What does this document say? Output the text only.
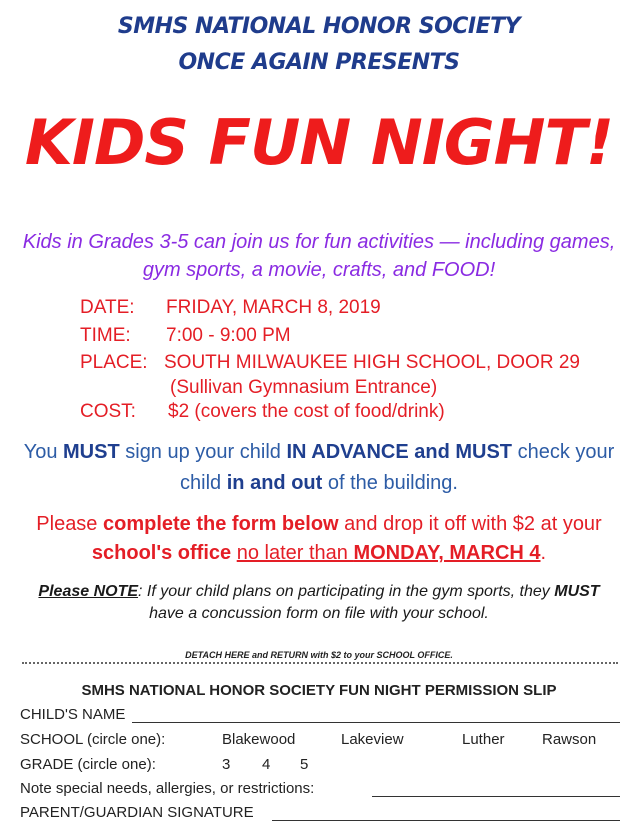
SMHS NATIONAL HONOR SOCIETY
ONCE AGAIN PRESENTS
KIDS FUN NIGHT!
Kids in Grades 3-5 can join us for fun activities — including games, gym sports, a movie, crafts, and FOOD!
DATE: FRIDAY, MARCH 8, 2019
TIME: 7:00 - 9:00 PM
PLACE: SOUTH MILWAUKEE HIGH SCHOOL, DOOR 29
(Sullivan Gymnasium Entrance)
COST: $2 (covers the cost of food/drink)
You MUST sign up your child IN ADVANCE and MUST check your child in and out of the building.
Please complete the form below and drop it off with $2 at your school's office no later than MONDAY, MARCH 4.
Please NOTE: If your child plans on participating in the gym sports, they MUST have a concussion form on file with your school.
DETACH HERE and RETURN with $2 to your SCHOOL OFFICE.
SMHS NATIONAL HONOR SOCIETY FUN NIGHT PERMISSION SLIP
CHILD'S NAME
SCHOOL (circle one):	Blakewood	Lakeview	Luther Rawson
GRADE (circle one):	3 4 5
Note special needs, allergies, or restrictions:
PARENT/GUARDIAN SIGNATURE
